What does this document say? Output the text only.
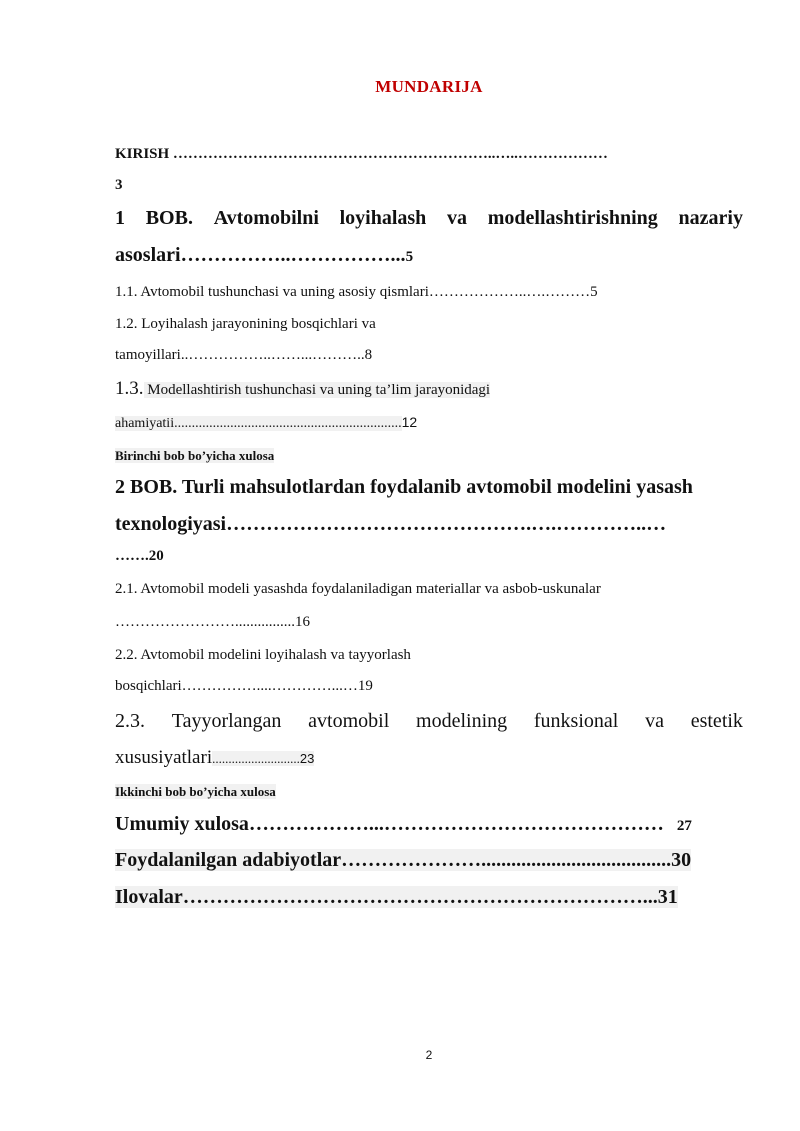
MUNDARIJA
KIRISH ………………………………………………………..…..………………
3
1 BOB. Avtomobilni loyihalash va modellashtirishning nazariy
asoslari……………..……………...5
1.1. Avtomobil tushunchasi va uning asosiy qismlari………………..….………5
1.2. Loyihalash jarayonining bosqichlari va
tamoyillari..……………..……...………..8
1.3. Modellashtirish tushunchasi va uning ta’lim jarayonidagi
ahamiyatii.................................................................12
Birinchi bob bo’yicha xulosa
2 BOB. Turli mahsulotlardan foydalanib avtomobil modelini yasash
texnologiyasi……………………………………….….…………..…
…….20
2.1. Avtomobil modeli yasashda foydalaniladigan materiallar va asbob-uskunalar
……………………................16
2.2. Avtomobil modelini loyihalash va tayyorlash
bosqichlari……………....…………...…19
2.3. Tayyorlangan avtomobil modelining funksional va estetik
xususiyatlari...........................23
Ikkinchi bob bo’yicha xulosa
Umumiy xulosa………………...…………………………………… 27
Foydalanilgan adabiyotlar…………………......................................30
Ilovalar……………………………………………………………...31
2
